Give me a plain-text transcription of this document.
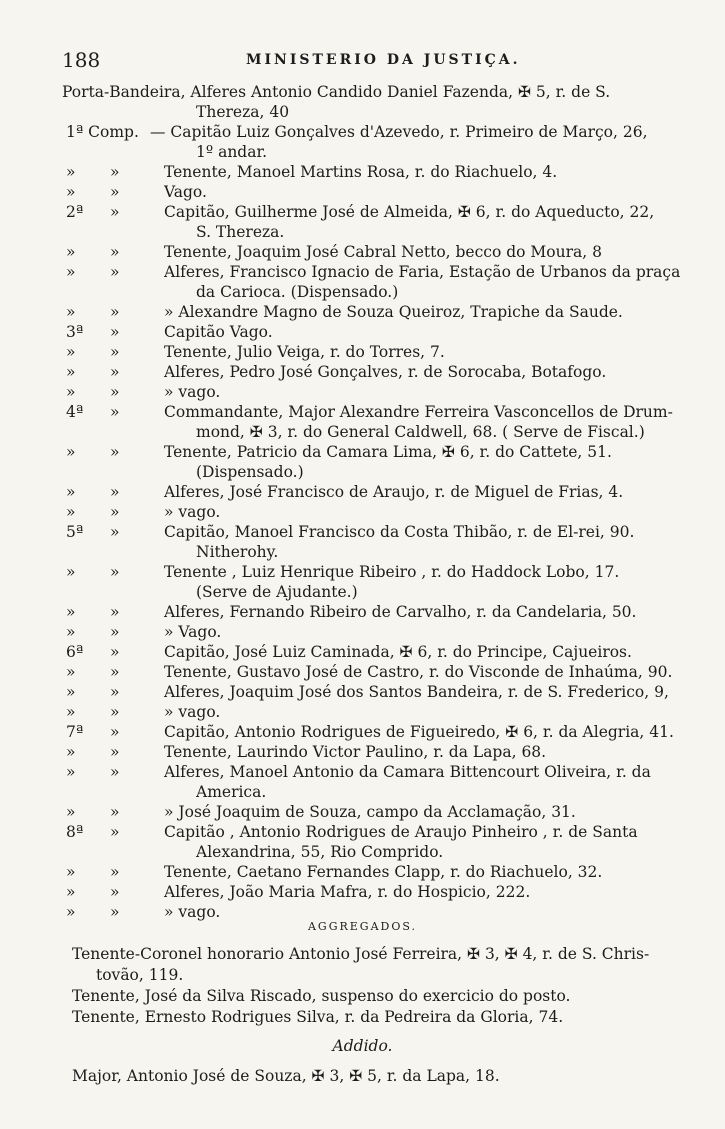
188	MINISTERIO DA JUSTIÇA.
Porta-Bandeira, Alferes Antonio Candido Daniel Fazenda, ✠ 5, r. de S.
Thereza, 40
1ª Comp. — Capitão Luiz Gonçalves d'Azevedo, r. Primeiro de Março, 26,
1º andar.
»	»	Tenente, Manoel Martins Rosa, r. do Riachuelo, 4.
»	»	Vago.
2ª	»	Capitão, Guilherme José de Almeida, ✠ 6, r. do Aqueducto, 22,
S. Thereza.
»	»	Tenente, Joaquim José Cabral Netto, becco do Moura, 8
»	»	Alferes, Francisco Ignacio de Faria, Estação de Urbanos da praça
da Carioca. (Dispensado.)
»	»	» Alexandre Magno de Souza Queiroz, Trapiche da Saude.
3ª	»	Capitão Vago.
»	»	Tenente, Julio Veiga, r. do Torres, 7.
»	»	Alferes, Pedro José Gonçalves, r. de Sorocaba, Botafogo.
»	»	» vago.
4ª	»	Commandante, Major Alexandre Ferreira Vasconcellos de Drum-
mond, ✠ 3, r. do General Caldwell, 68. ( Serve de Fiscal.)
»	»	Tenente, Patricio da Camara Lima, ✠ 6, r. do Cattete, 51.
(Dispensado.)
»	»	Alferes, José Francisco de Araujo, r. de Miguel de Frias, 4.
»	»	» vago.
5ª	»	Capitão, Manoel Francisco da Costa Thibão, r. de El-rei, 90.
Nitherohy.
»	»	Tenente , Luiz Henrique Ribeiro , r. do Haddock Lobo, 17.
(Serve de Ajudante.)
»	»	Alferes, Fernando Ribeiro de Carvalho, r. da Candelaria, 50.
»	»	» Vago.
6ª	»	Capitão, José Luiz Caminada, ✠ 6, r. do Principe, Cajueiros.
»	»	Tenente, Gustavo José de Castro, r. do Visconde de Inhaúma, 90.
»	»	Alferes, Joaquim José dos Santos Bandeira, r. de S. Frederico, 9,
»	»	» vago.
7ª	»	Capitão, Antonio Rodrigues de Figueiredo, ✠ 6, r. da Alegria, 41.
»	»	Tenente, Laurindo Victor Paulino, r. da Lapa, 68.
»	»	Alferes, Manoel Antonio da Camara Bittencourt Oliveira, r. da
America.
»	»	» José Joaquim de Souza, campo da Acclamação, 31.
8ª	»	Capitão , Antonio Rodrigues de Araujo Pinheiro , r. de Santa
Alexandrina, 55, Rio Comprido.
»	»	Tenente, Caetano Fernandes Clapp, r. do Riachuelo, 32.
»	»	Alferes, João Maria Mafra, r. do Hospicio, 222.
»	»	» vago.
AGGREGADOS.
Tenente-Coronel honorario Antonio José Ferreira, ✠ 3, ✠ 4, r. de S. Chris-
tovão, 119.
Tenente, José da Silva Riscado, suspenso do exercicio do posto.
Tenente, Ernesto Rodrigues Silva, r. da Pedreira da Gloria, 74.
Addido.
Major, Antonio José de Souza, ✠ 3, ✠ 5, r. da Lapa, 18.
